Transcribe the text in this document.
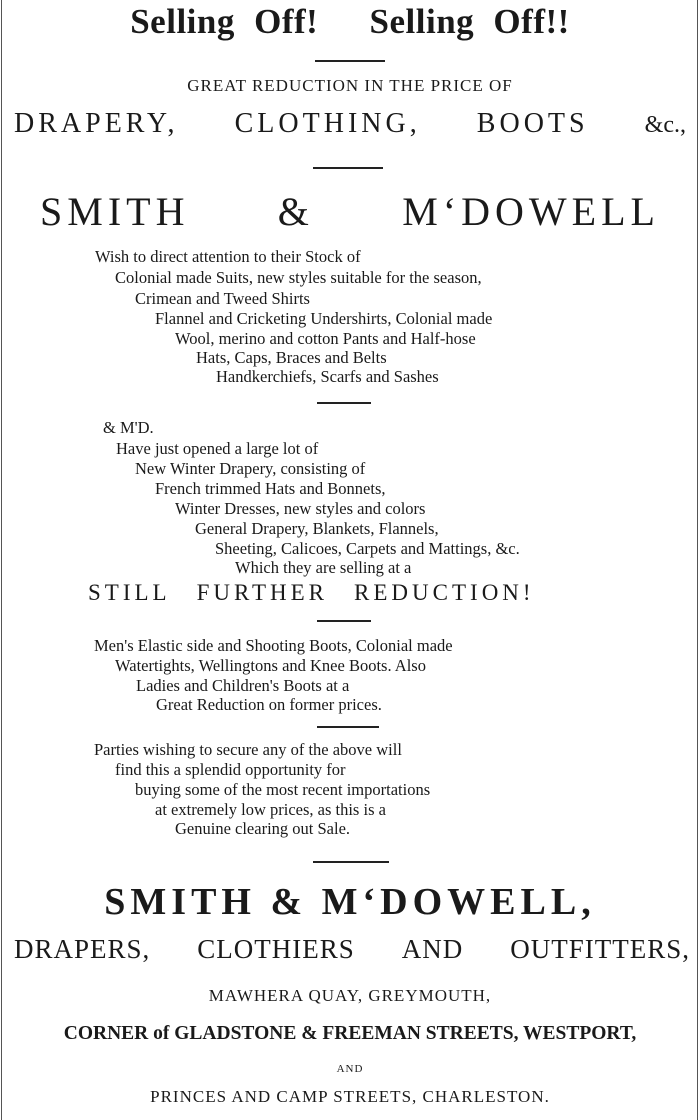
Selling Off! Selling Off!!
GREAT REDUCTION IN THE PRICE OF
DRAPERY, CLOTHING, BOOTS &c.,
SMITH & M‘DOWELL
Wish to direct attention to their Stock of
Colonial made Suits, new styles suitable for the season,
Crimean and Tweed Shirts
Flannel and Cricketing Undershirts, Colonial made
Wool, merino and cotton Pants and Half-hose
Hats, Caps, Braces and Belts
Handkerchiefs, Scarfs and Sashes
& M'D.
Have just opened a large lot of
New Winter Drapery, consisting of
French trimmed Hats and Bonnets,
Winter Dresses, new styles and colors
General Drapery, Blankets, Flannels,
Sheeting, Calicoes, Carpets and Mattings, &c.
Which they are selling at a
STILL FURTHER REDUCTION!
Men's Elastic side and Shooting Boots, Colonial made
Watertights, Wellingtons and Knee Boots. Also
Ladies and Children's Boots at a
Great Reduction on former prices.
Parties wishing to secure any of the above will
find this a splendid opportunity for
buying some of the most recent importations
at extremely low prices, as this is a
Genuine clearing out Sale.
SMITH & M‘DOWELL,
DRAPERS, CLOTHIERS AND OUTFITTERS,
MAWHERA QUAY, GREYMOUTH,
CORNER of GLADSTONE & FREEMAN STREETS, WESTPORT,
AND
PRINCES AND CAMP STREETS, CHARLESTON.
